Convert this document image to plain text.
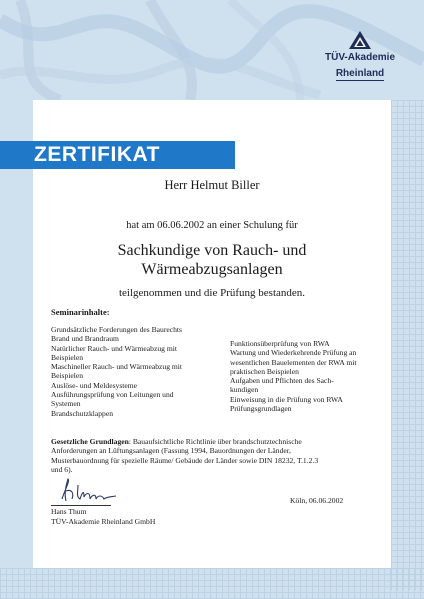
TÜV-Akademie
Rheinland
ZERTIFIKAT
Herr Helmut Biller
hat am 06.06.2002 an einer Schulung für
Sachkundige von Rauch- und
Wärmeabzugsanlagen
teilgenommen und die Prüfung bestanden.
Seminarinhalte:
Grundsätzliche Forderungen des Baurechts
Brand und Brandraum
Natürlicher Rauch- und Wärmeabzug mit
Beispielen
Maschineller Rauch- und Wärmeabzug mit
Beispielen
Auslöse- und Meldesysteme
Ausführungsprüfung von Leitungen und
Systemen
Brandschutzklappen
Funktionsüberprüfung von RWA
Wartung und Wiederkehrende Prüfung an
wesentlichen Bauelementen der RWA mit
praktischen Beispielen
Aufgaben und Pflichten des Sach-
kundigen
Einweisung in die Prüfung von RWA
Prüfungsgrundlagen
Gesetzliche Grundlagen: Bauaufsichtliche Richtlinie über brandschutztechnische
Anforderungen an Lüftungsanlagen (Fassung 1994, Bauordnungen der Länder,
Musterbauordnung für spezielle Räume/ Gebäude der Länder sowie DIN 18232, T.1.2.3
und 6).
Hans Thum
TÜV-Akademie Rheinland GmbH
Köln, 06.06.2002
